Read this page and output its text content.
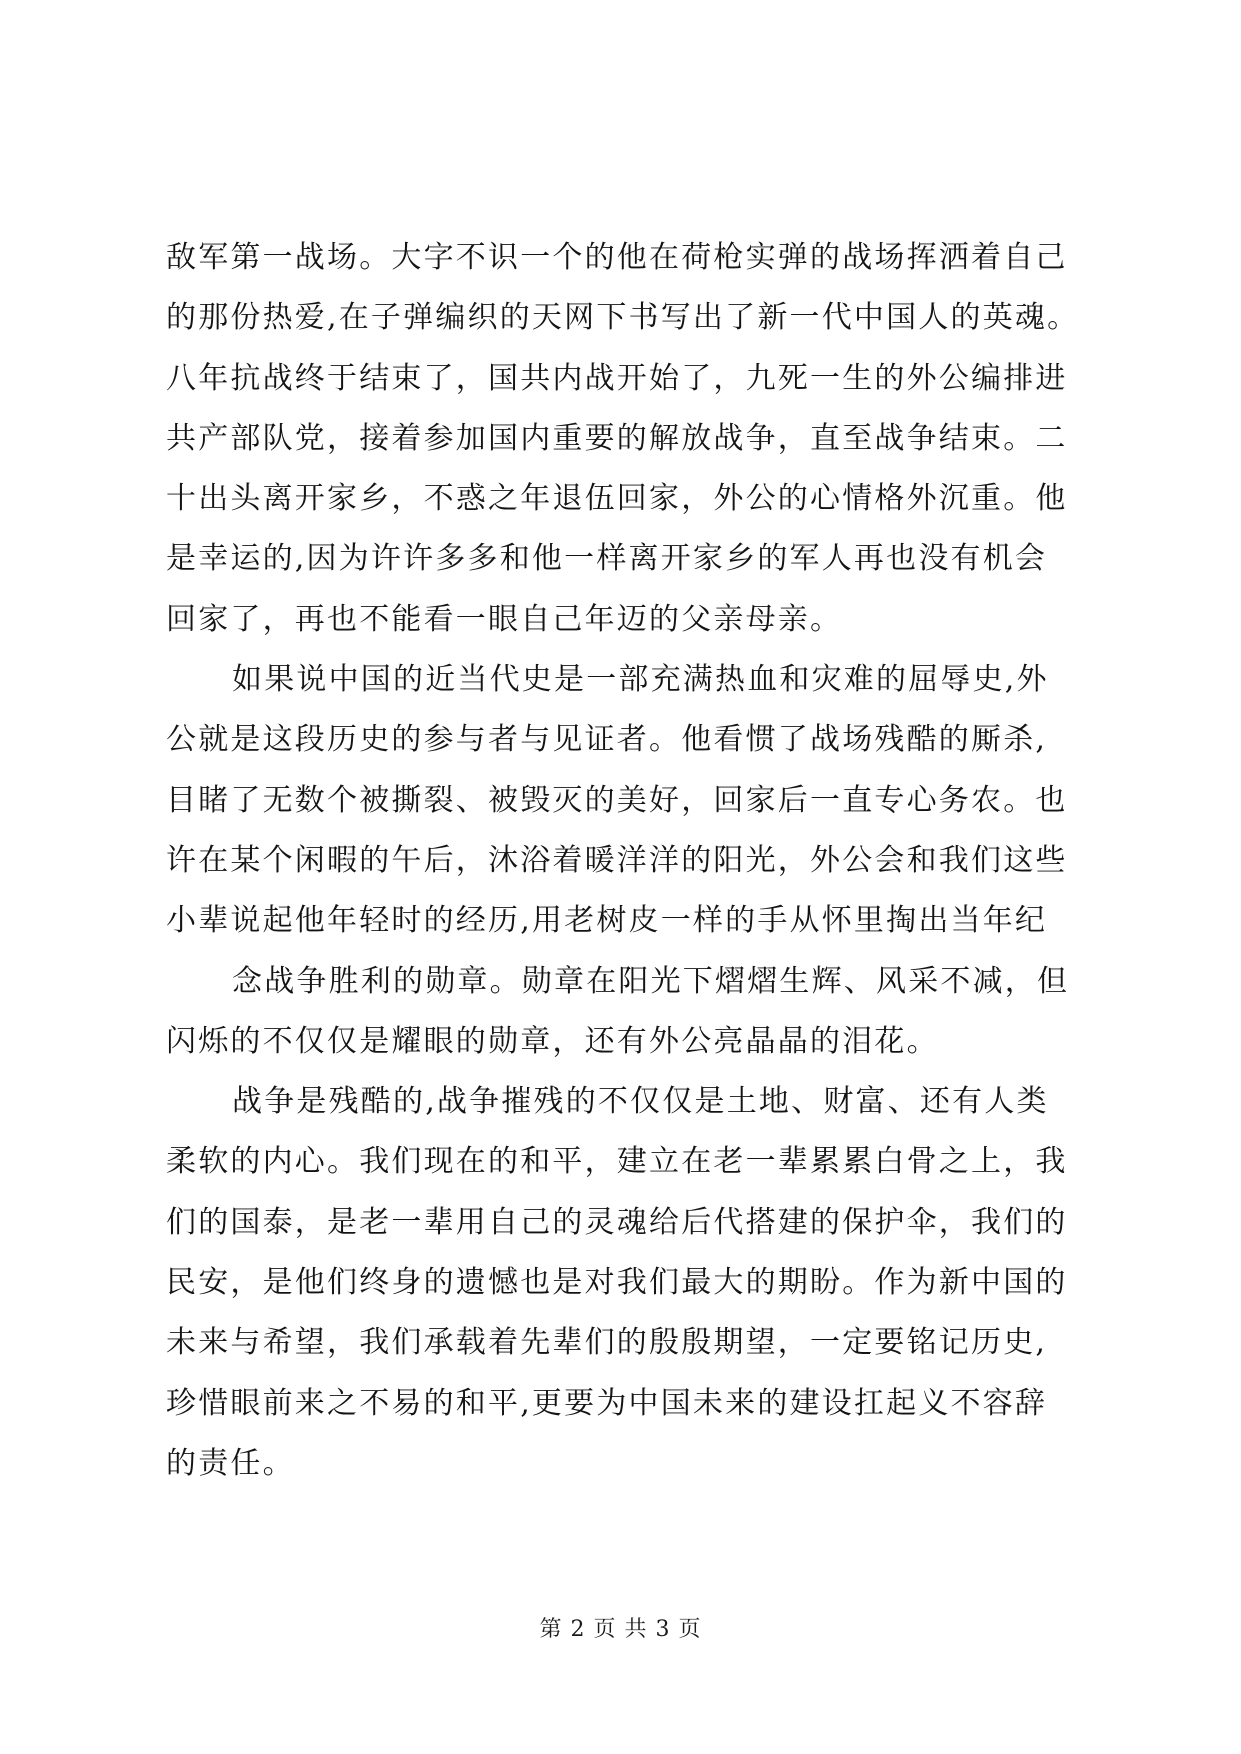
敌军第一战场。大字不识一个的他在荷枪实弹的战场挥洒着自己
的那份热爱,在子弹编织的天网下书写出了新一代中国人的英魂。
八年抗战终于结束了，国共内战开始了，九死一生的外公编排进
共产部队党，接着参加国内重要的解放战争，直至战争结束。二
十出头离开家乡，不惑之年退伍回家，外公的心情格外沉重。他
是幸运的,因为许许多多和他一样离开家乡的军人再也没有机会
回家了，再也不能看一眼自己年迈的父亲母亲。
如果说中国的近当代史是一部充满热血和灾难的屈辱史,外
公就是这段历史的参与者与见证者。他看惯了战场残酷的厮杀,
目睹了无数个被撕裂、被毁灭的美好，回家后一直专心务农。也
许在某个闲暇的午后，沐浴着暖洋洋的阳光，外公会和我们这些
小辈说起他年轻时的经历,用老树皮一样的手从怀里掏出当年纪
念战争胜利的勋章。勋章在阳光下熠熠生辉、风采不减，但
闪烁的不仅仅是耀眼的勋章，还有外公亮晶晶的泪花。
战争是残酷的,战争摧残的不仅仅是土地、财富、还有人类
柔软的内心。我们现在的和平，建立在老一辈累累白骨之上，我
们的国泰，是老一辈用自己的灵魂给后代搭建的保护伞，我们的
民安，是他们终身的遗憾也是对我们最大的期盼。作为新中国的
未来与希望，我们承载着先辈们的殷殷期望，一定要铭记历史,
珍惜眼前来之不易的和平,更要为中国未来的建设扛起义不容辞
的责任。
第 2 页 共 3 页
